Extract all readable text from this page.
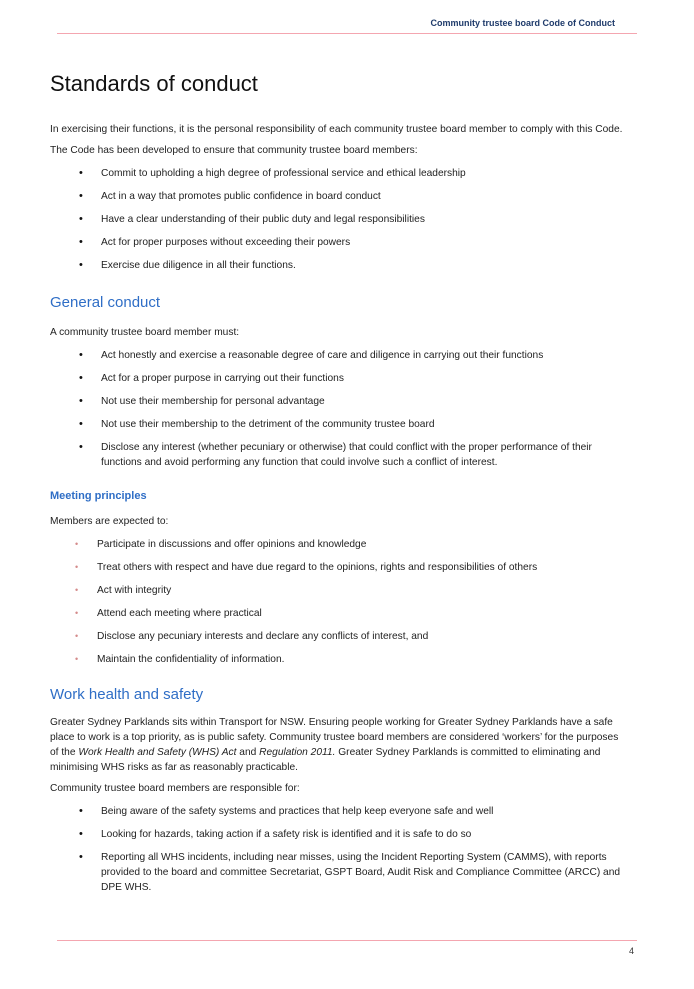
Community trustee board Code of Conduct
Standards of conduct

In exercising their functions, it is the personal responsibility of each community trustee board member to comply with this Code.

The Code has been developed to ensure that community trustee board members:

• Commit to upholding a high degree of professional service and ethical leadership
• Act in a way that promotes public confidence in board conduct
• Have a clear understanding of their public duty and legal responsibilities
• Act for proper purposes without exceeding their powers
• Exercise due diligence in all their functions.
General conduct

A community trustee board member must:

• Act honestly and exercise a reasonable degree of care and diligence in carrying out their functions
• Act for a proper purpose in carrying out their functions
• Not use their membership for personal advantage
• Not use their membership to the detriment of the community trustee board
• Disclose any interest (whether pecuniary or otherwise) that could conflict with the proper performance of their functions and avoid performing any function that could involve such a conflict of interest.
Meeting principles

Members are expected to:

• Participate in discussions and offer opinions and knowledge
• Treat others with respect and have due regard to the opinions, rights and responsibilities of others
• Act with integrity
• Attend each meeting where practical
• Disclose any pecuniary interests and declare any conflicts of interest, and
• Maintain the confidentiality of information.
Work health and safety

Greater Sydney Parklands sits within Transport for NSW. Ensuring people working for Greater Sydney Parklands have a safe place to work is a top priority, as is public safety. Community trustee board members are considered ‘workers’ for the purposes of the Work Health and Safety (WHS) Act and Regulation 2011. Greater Sydney Parklands is committed to eliminating and minimising WHS risks as far as reasonably practicable.

Community trustee board members are responsible for:

• Being aware of the safety systems and practices that help keep everyone safe and well
• Looking for hazards, taking action if a safety risk is identified and it is safe to do so
• Reporting all WHS incidents, including near misses, using the Incident Reporting System (CAMMS), with reports provided to the board and committee Secretariat, GSPT Board, Audit Risk and Compliance Committee (ARCC) and DPE WHS.
4
